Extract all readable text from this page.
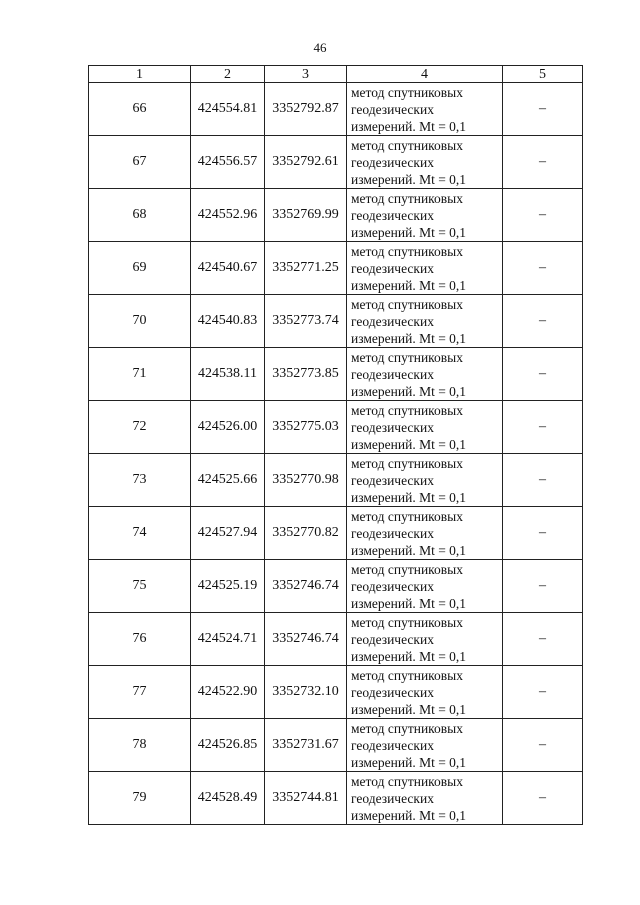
46
1	2	3	4	5
66	424554.81	3352792.87	метод спутниковых
геодезических
измерений. Mt = 0,1	–
67	424556.57	3352792.61	метод спутниковых
геодезических
измерений. Mt = 0,1	–
68	424552.96	3352769.99	метод спутниковых
геодезических
измерений. Mt = 0,1	–
69	424540.67	3352771.25	метод спутниковых
геодезических
измерений. Mt = 0,1	–
70	424540.83	3352773.74	метод спутниковых
геодезических
измерений. Mt = 0,1	–
71	424538.11	3352773.85	метод спутниковых
геодезических
измерений. Mt = 0,1	–
72	424526.00	3352775.03	метод спутниковых
геодезических
измерений. Mt = 0,1	–
73	424525.66	3352770.98	метод спутниковых
геодезических
измерений. Mt = 0,1	–
74	424527.94	3352770.82	метод спутниковых
геодезических
измерений. Mt = 0,1	–
75	424525.19	3352746.74	метод спутниковых
геодезических
измерений. Mt = 0,1	–
76	424524.71	3352746.74	метод спутниковых
геодезических
измерений. Mt = 0,1	–
77	424522.90	3352732.10	метод спутниковых
геодезических
измерений. Mt = 0,1	–
78	424526.85	3352731.67	метод спутниковых
геодезических
измерений. Mt = 0,1	–
79	424528.49	3352744.81	метод спутниковых
геодезических
измерений. Mt = 0,1	–
